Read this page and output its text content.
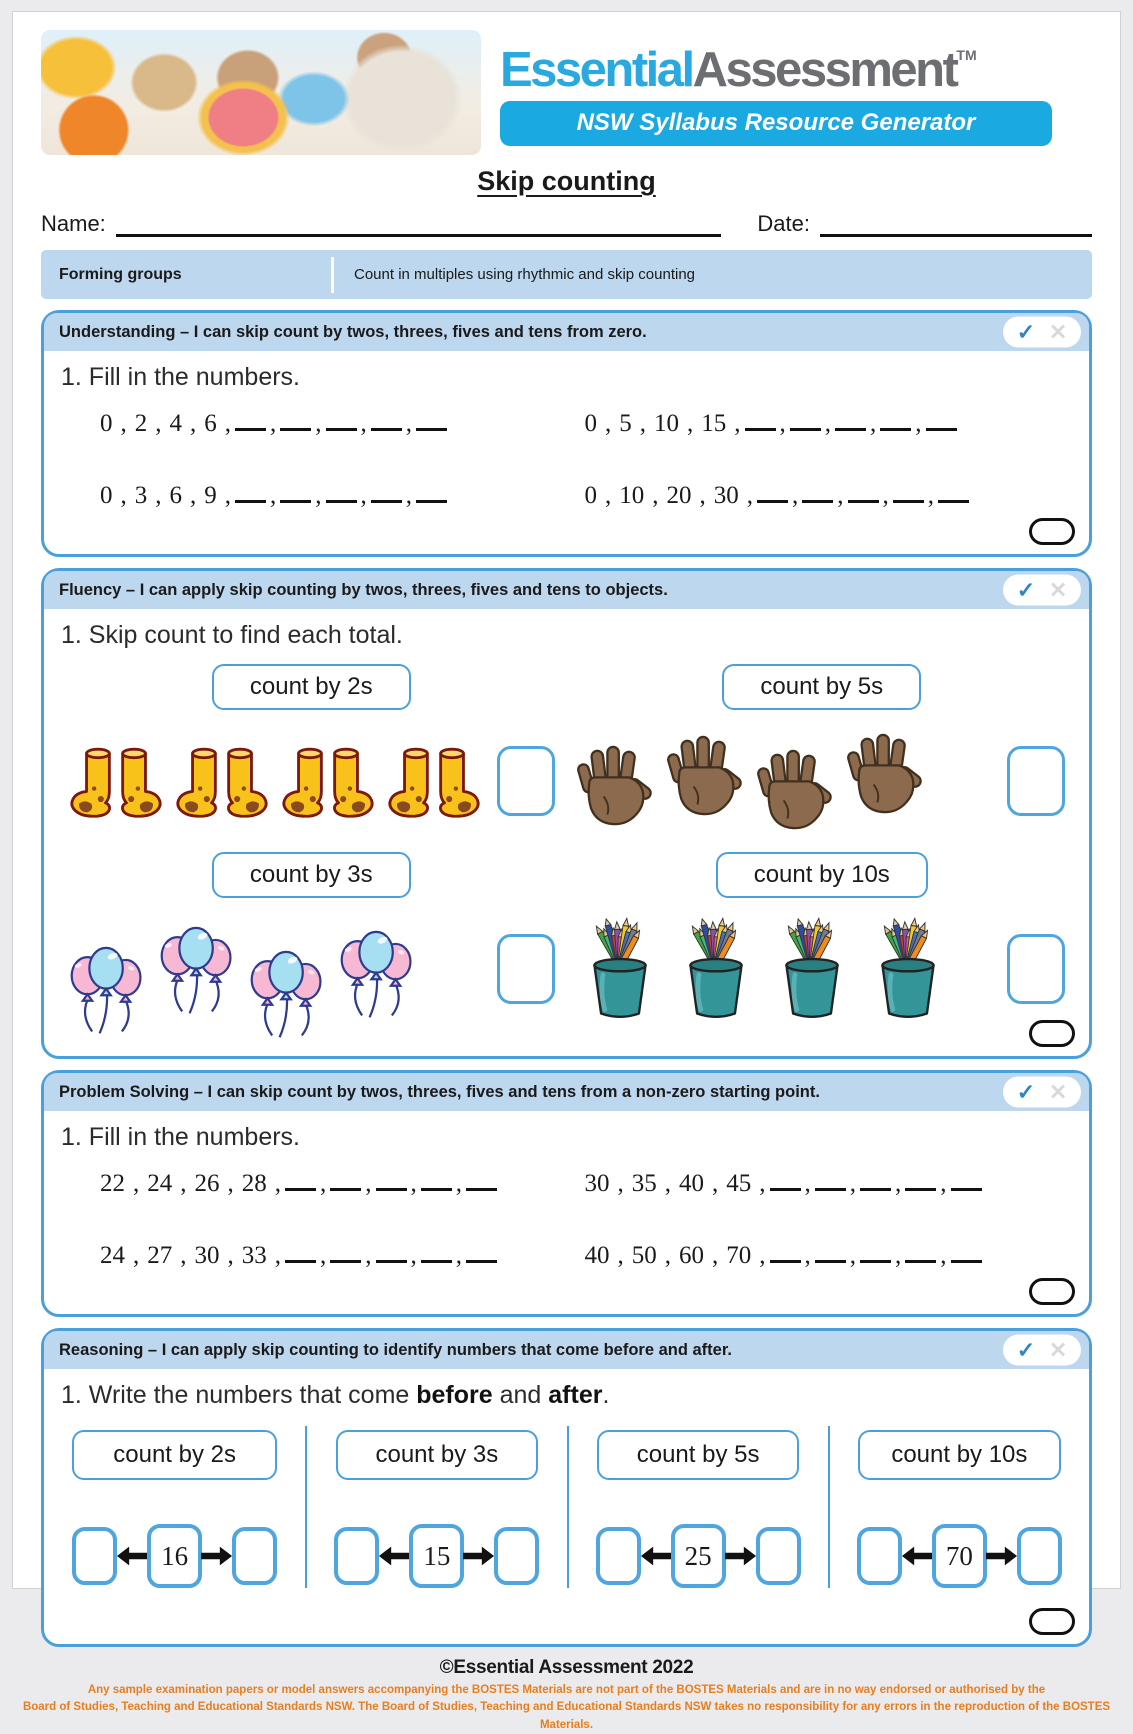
EssentialAssessment™
NSW Syllabus Resource Generator
Skip counting
Name:	Date:
Forming groups	Count in multiples using rhythmic and skip counting
Understanding – I can skip count by twos, threes, fives and tens from zero.	✓ ✕
1. Fill in the numbers.
0 , 2 , 4 , 6 , , , , ,	0 , 5 , 10 , 15 , , , , ,
0 , 3 , 6 , 9 , , , , ,	0 , 10 , 20 , 30 , , , , ,
Fluency – I can apply skip counting by twos, threes, fives and tens to objects.	✓ ✕
1. Skip count to find each total.
count by 2s	count by 5s
count by 3s	count by 10s
Problem Solving – I can skip count by twos, threes, fives and tens from a non-zero starting point.	✓ ✕
1. Fill in the numbers.
22 , 24 , 26 , 28 , , , , ,	30 , 35 , 40 , 45 , , , , ,
24 , 27 , 30 , 33 , , , , ,	40 , 50 , 60 , 70 , , , , ,
Reasoning – I can apply skip counting to identify numbers that come before and after.	✓ ✕
1. Write the numbers that come before and after.
count by 2s
16
count by 3s
15
count by 5s
25
count by 10s
70
©Essential Assessment 2022
Any sample examination papers or model answers accompanying the BOSTES Materials are not part of the BOSTES Materials and are in no way endorsed or authorised by the
Board of Studies, Teaching and Educational Standards NSW. The Board of Studies, Teaching and Educational Standards NSW takes no responsibility for any errors in the reproduction of the BOSTES Materials.
